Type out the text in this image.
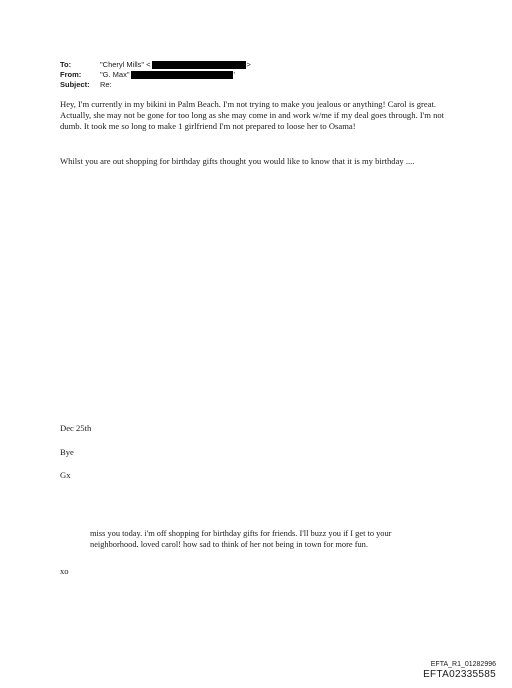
To:	"Cheryl Mills" <	>
From:	"G. Max"	'
Subject:	Re:

Hey, I'm currently in my bikini in Palm Beach. I'm not trying to make you jealous or anything! Carol is great. Actually, she may not be gone for too long as she may come in and work w/me if my deal goes through. I'm not dumb. It took me so long to make 1 girlfriend I'm not prepared to loose her to Osama!

Whilst you are out shopping for birthday gifts thought you would like to know that it is my birthday ....

Dec 25th

Bye

Gx

miss you today. i'm off shopping for birthday gifts for friends. I'll buzz you if I get to your neighborhood. loved carol! how sad to think of her not being in town for more fun.

xo

EFTA_R1_01282996
EFTA02335585
